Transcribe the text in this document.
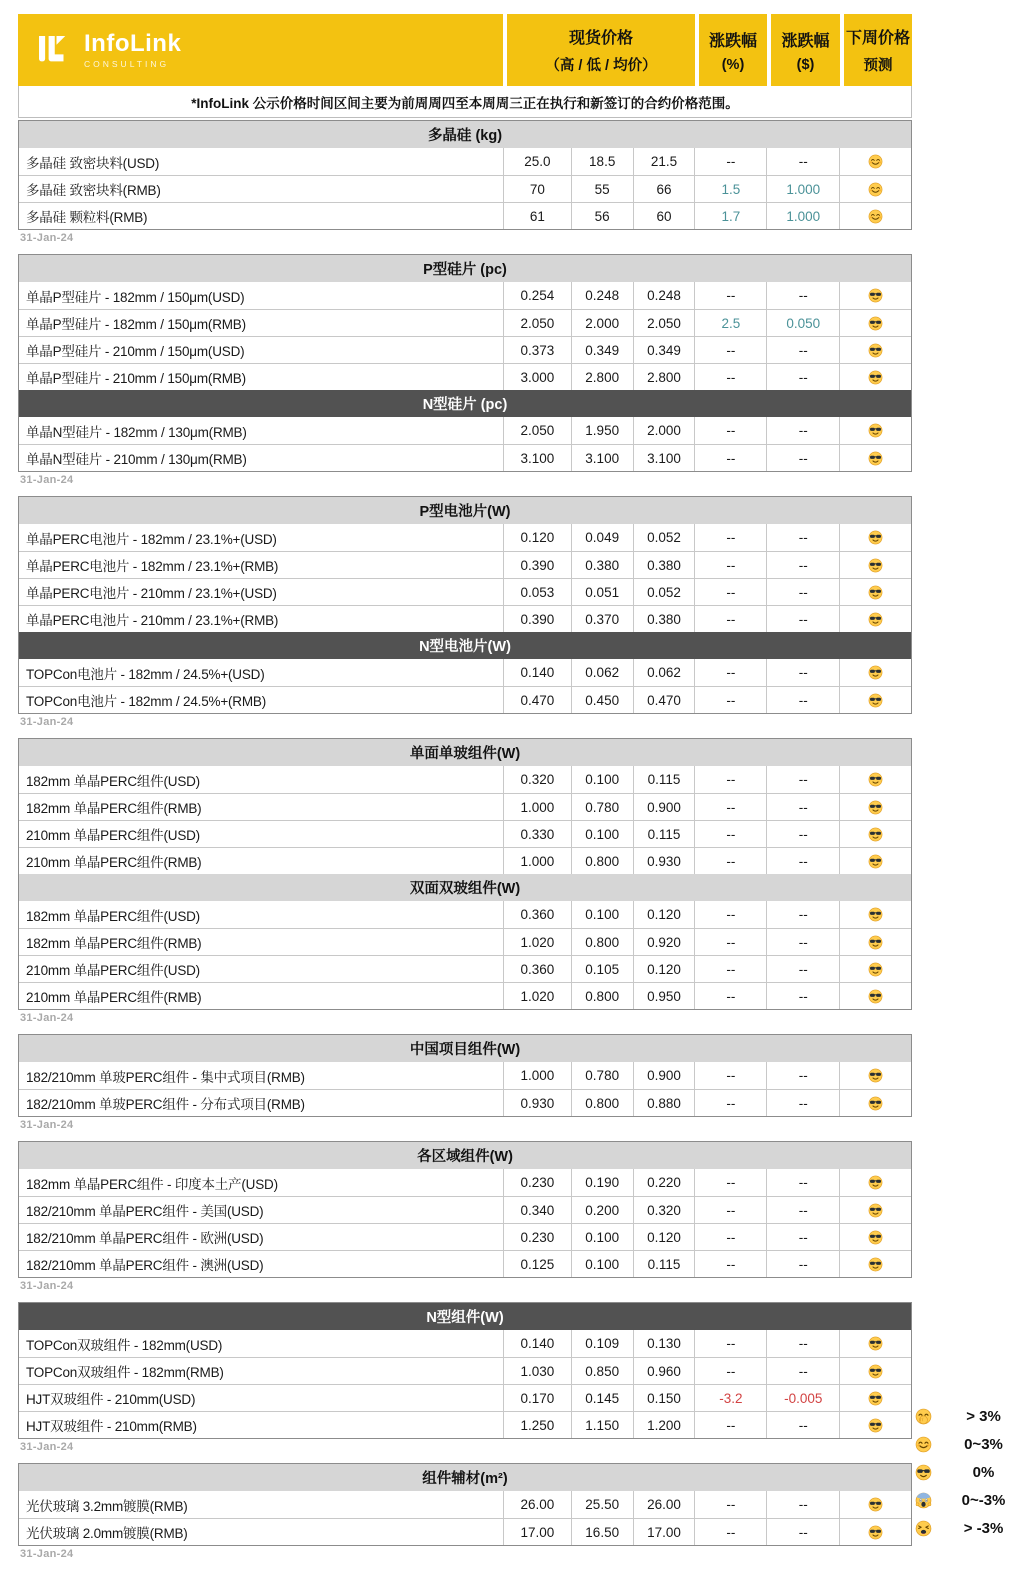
InfoLink
CONSULTING
现货价格
（高 / 低 / 均价）
涨跌幅
(%)
涨跌幅
($)
下周价格
预测
*InfoLink 公示价格时间区间主要为前周周四至本周周三正在执行和新签订的合约价格范围。
多晶硅 (kg)
多晶硅 致密块料(USD)	25.0	18.5	21.5	--	--
多晶硅 致密块料(RMB)	70	55	66	1.5	1.000
多晶硅 颗粒料(RMB)	61	56	60	1.7	1.000
31-Jan-24
P型硅片 (pc)
单晶P型硅片 - 182mm / 150μm(USD)	0.254	0.248	0.248	--	--
单晶P型硅片 - 182mm / 150μm(RMB)	2.050	2.000	2.050	2.5	0.050
单晶P型硅片 - 210mm / 150μm(USD)	0.373	0.349	0.349	--	--
单晶P型硅片 - 210mm / 150μm(RMB)	3.000	2.800	2.800	--	--
N型硅片 (pc)
单晶N型硅片 - 182mm / 130μm(RMB)	2.050	1.950	2.000	--	--
单晶N型硅片 - 210mm / 130μm(RMB)	3.100	3.100	3.100	--	--
31-Jan-24
P型电池片(W)
单晶PERC电池片 - 182mm / 23.1%+(USD)	0.120	0.049	0.052	--	--
单晶PERC电池片 - 182mm / 23.1%+(RMB)	0.390	0.380	0.380	--	--
单晶PERC电池片 - 210mm / 23.1%+(USD)	0.053	0.051	0.052	--	--
单晶PERC电池片 - 210mm / 23.1%+(RMB)	0.390	0.370	0.380	--	--
N型电池片(W)
TOPCon电池片 - 182mm / 24.5%+(USD)	0.140	0.062	0.062	--	--
TOPCon电池片 - 182mm / 24.5%+(RMB)	0.470	0.450	0.470	--	--
31-Jan-24
单面单玻组件(W)
182mm 单晶PERC组件(USD)	0.320	0.100	0.115	--	--
182mm 单晶PERC组件(RMB)	1.000	0.780	0.900	--	--
210mm 单晶PERC组件(USD)	0.330	0.100	0.115	--	--
210mm 单晶PERC组件(RMB)	1.000	0.800	0.930	--	--
双面双玻组件(W)
182mm 单晶PERC组件(USD)	0.360	0.100	0.120	--	--
182mm 单晶PERC组件(RMB)	1.020	0.800	0.920	--	--
210mm 单晶PERC组件(USD)	0.360	0.105	0.120	--	--
210mm 单晶PERC组件(RMB)	1.020	0.800	0.950	--	--
31-Jan-24
中国项目组件(W)
182/210mm 单玻PERC组件 - 集中式项目(RMB)	1.000	0.780	0.900	--	--
182/210mm 单玻PERC组件 - 分布式项目(RMB)	0.930	0.800	0.880	--	--
31-Jan-24
各区域组件(W)
182mm 单晶PERC组件 - 印度本土产(USD)	0.230	0.190	0.220	--	--
182/210mm 单晶PERC组件 - 美国(USD)	0.340	0.200	0.320	--	--
182/210mm 单晶PERC组件 - 欧洲(USD)	0.230	0.100	0.120	--	--
182/210mm 单晶PERC组件 - 澳洲(USD)	0.125	0.100	0.115	--	--
31-Jan-24
N型组件(W)
TOPCon双玻组件 - 182mm(USD)	0.140	0.109	0.130	--	--
TOPCon双玻组件 - 182mm(RMB)	1.030	0.850	0.960	--	--
HJT双玻组件 - 210mm(USD)	0.170	0.145	0.150	-3.2	-0.005
HJT双玻组件 - 210mm(RMB)	1.250	1.150	1.200	--	--
31-Jan-24
组件辅材(m²)
光伏玻璃 3.2mm镀膜(RMB)	26.00	25.50	26.00	--	--
光伏玻璃 2.0mm镀膜(RMB)	17.00	16.50	17.00	--	--
31-Jan-24
> 3%
0~3%
0%
0~-3%
> -3%
